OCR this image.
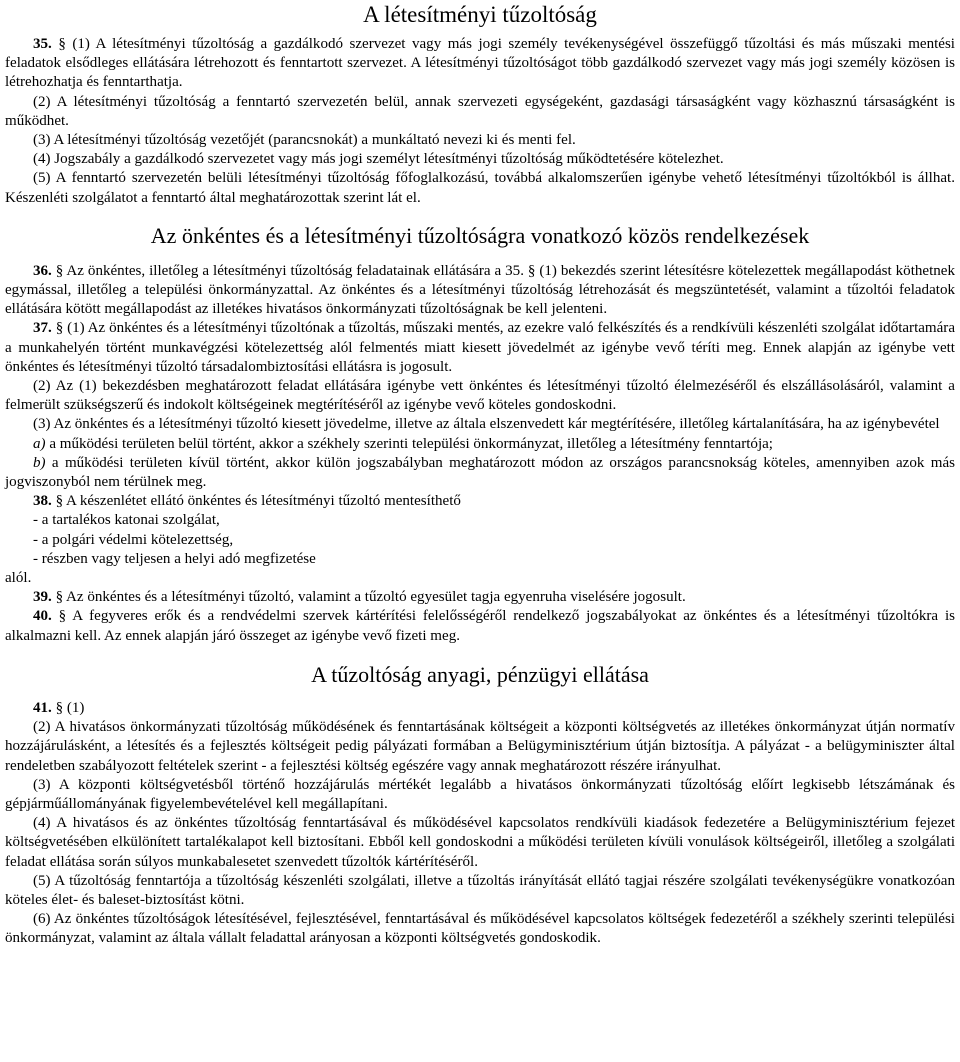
A létesítményi tűzoltóság

35. § (1) A létesítményi tűzoltóság a gazdálkodó szervezet vagy más jogi személy tevékenységével összefüggő tűzoltási és más műszaki mentési feladatok elsődleges ellátására létrehozott és fenntartott szervezet. A létesítményi tűzoltóságot több gazdálkodó szervezet vagy más jogi személy közösen is létrehozhatja és fenntarthatja.

(2) A létesítményi tűzoltóság a fenntartó szervezetén belül, annak szervezeti egységeként, gazdasági társaságként vagy közhasznú társaságként is működhet.

(3) A létesítményi tűzoltóság vezetőjét (parancsnokát) a munkáltató nevezi ki és menti fel.

(4) Jogszabály a gazdálkodó szervezetet vagy más jogi személyt létesítményi tűzoltóság működtetésére kötelezhet.

(5) A fenntartó szervezetén belüli létesítményi tűzoltóság főfoglalkozású, továbbá alkalomszerűen igénybe vehető létesítményi tűzoltókból is állhat. Készenléti szolgálatot a fenntartó által meghatározottak szerint lát el.

Az önkéntes és a létesítményi tűzoltóságra vonatkozó közös rendelkezések

36. § Az önkéntes, illetőleg a létesítményi tűzoltóság feladatainak ellátására a 35. § (1) bekezdés szerint létesítésre kötelezettek megállapodást köthetnek egymással, illetőleg a települési önkormányzattal. Az önkéntes és a létesítményi tűzoltóság létrehozását és megszüntetését, valamint a tűzoltói feladatok ellátására kötött megállapodást az illetékes hivatásos önkormányzati tűzoltóságnak be kell jelenteni.

37. § (1) Az önkéntes és a létesítményi tűzoltónak a tűzoltás, műszaki mentés, az ezekre való felkészítés és a rendkívüli készenléti szolgálat időtartamára a munkahelyén történt munkavégzési kötelezettség alól felmentés miatt kiesett jövedelmét az igénybe vevő téríti meg. Ennek alapján az igénybe vett önkéntes és létesítményi tűzoltó társadalombiztosítási ellátásra is jogosult.

(2) Az (1) bekezdésben meghatározott feladat ellátására igénybe vett önkéntes és létesítményi tűzoltó élelmezéséről és elszállásolásáról, valamint a felmerült szükségszerű és indokolt költségeinek megtérítéséről az igénybe vevő köteles gondoskodni.

(3) Az önkéntes és a létesítményi tűzoltó kiesett jövedelme, illetve az általa elszenvedett kár megtérítésére, illetőleg kártalanítására, ha az igénybevétel

a) a működési területen belül történt, akkor a székhely szerinti települési önkormányzat, illetőleg a létesítmény fenntartója;

b) a működési területen kívül történt, akkor külön jogszabályban meghatározott módon az országos parancsnokság köteles, amennyiben azok más jogviszonyból nem térülnek meg.

38. § A készenlétet ellátó önkéntes és létesítményi tűzoltó mentesíthető

- a tartalékos katonai szolgálat,

- a polgári védelmi kötelezettség,

- részben vagy teljesen a helyi adó megfizetése

alól.

39. § Az önkéntes és a létesítményi tűzoltó, valamint a tűzoltó egyesület tagja egyenruha viselésére jogosult.

40. § A fegyveres erők és a rendvédelmi szervek kártérítési felelősségéről rendelkező jogszabályokat az önkéntes és a létesítményi tűzoltókra is alkalmazni kell. Az ennek alapján járó összeget az igénybe vevő fizeti meg.

A tűzoltóság anyagi, pénzügyi ellátása

41. § (1)

(2) A hivatásos önkormányzati tűzoltóság működésének és fenntartásának költségeit a központi költségvetés az illetékes önkormányzat útján normatív hozzájárulásként, a létesítés és a fejlesztés költségeit pedig pályázati formában a Belügyminisztérium útján biztosítja. A pályázat - a belügyminiszter által rendeletben szabályozott feltételek szerint - a fejlesztési költség egészére vagy annak meghatározott részére irányulhat.

(3) A központi költségvetésből történő hozzájárulás mértékét legalább a hivatásos önkormányzati tűzoltóság előírt legkisebb létszámának és gépjárműállományának figyelembevételével kell megállapítani.

(4) A hivatásos és az önkéntes tűzoltóság fenntartásával és működésével kapcsolatos rendkívüli kiadások fedezetére a Belügyminisztérium fejezet költségvetésében elkülönített tartalékalapot kell biztosítani. Ebből kell gondoskodni a működési területen kívüli vonulások költségeiről, illetőleg a szolgálati feladat ellátása során súlyos munkabalesetet szenvedett tűzoltók kártérítéséről.

(5) A tűzoltóság fenntartója a tűzoltóság készenléti szolgálati, illetve a tűzoltás irányítását ellátó tagjai részére szolgálati tevékenységükre vonatkozóan köteles élet- és baleset-biztosítást kötni.

(6) Az önkéntes tűzoltóságok létesítésével, fejlesztésével, fenntartásával és működésével kapcsolatos költségek fedezetéről a székhely szerinti települési önkormányzat, valamint az általa vállalt feladattal arányosan a központi költségvetés gondoskodik.
